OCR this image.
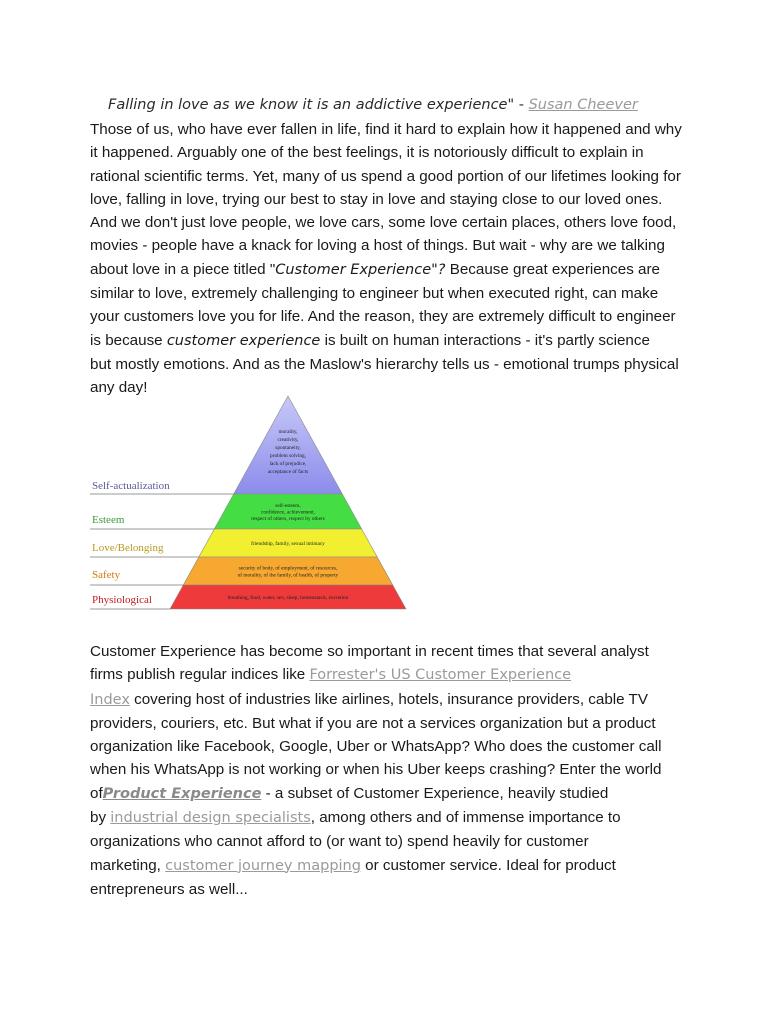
Falling in love as we know it is an addictive experience" - Susan Cheever
Those of us, who have ever fallen in life, find it hard to explain how it happened and why
it happened. Arguably one of the best feelings, it is notoriously difficult to explain in
rational scientific terms. Yet, many of us spend a good portion of our lifetimes looking for
love, falling in love, trying our best to stay in love and staying close to our loved ones.
And we don't just love people, we love cars, some love certain places, others love food,
movies - people have a knack for loving a host of things. But wait - why are we talking
about love in a piece titled "Customer Experience"? Because great experiences are
similar to love, extremely challenging to engineer but when executed right, can make
your customers love you for life. And the reason, they are extremely difficult to engineer
is because customer experience is built on human interactions - it's partly science
but mostly emotions. And as the Maslow's hierarchy tells us - emotional trumps physical
any day!
Self-actualization
Esteem
Love/Belonging
Safety
Physiological
morality,
creativity,
spontaneity,
problem solving,
lack of prejudice,
acceptance of facts
self-esteem,
confidence, achievement,
respect of others, respect by others
friendship, family, sexual intimacy
security of body, of employment, of resources,
of morality, of the family, of health, of property
breathing, food, water, sex, sleep, homeostasis, excretion
Customer Experience has become so important in recent times that several analyst
firms publish regular indices like Forrester's US Customer Experience
Index covering host of industries like airlines, hotels, insurance providers, cable TV
providers, couriers, etc. But what if you are not a services organization but a product
organization like Facebook, Google, Uber or WhatsApp? Who does the customer call
when his WhatsApp is not working or when his Uber keeps crashing? Enter the world
ofProduct Experience - a subset of Customer Experience, heavily studied
by industrial design specialists, among others and of immense importance to
organizations who cannot afford to (or want to) spend heavily for customer
marketing, customer journey mapping or customer service. Ideal for product
entrepreneurs as well...
